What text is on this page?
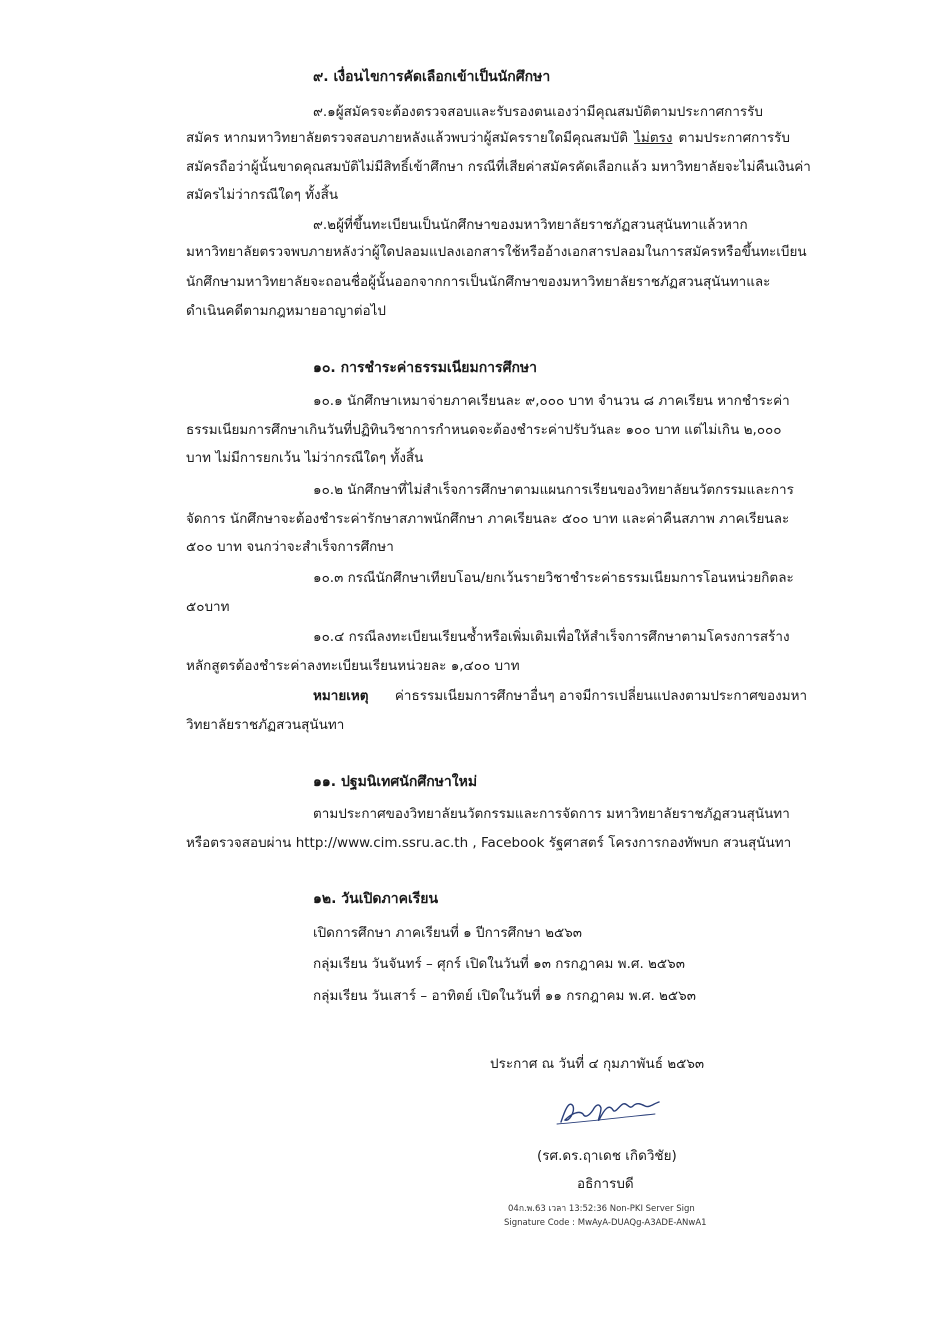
๙. เงื่อนไขการคัดเลือกเข้าเป็นนักศึกษา
๙.๑ผู้สมัครจะต้องตรวจสอบและรับรองตนเองว่ามีคุณสมบัติตามประกาศการรับ
สมัคร หากมหาวิทยาลัยตรวจสอบภายหลังแล้วพบว่าผู้สมัครรายใดมีคุณสมบัติ ไม่ตรง ตามประกาศการรับ
สมัครถือว่าผู้นั้นขาดคุณสมบัติไม่มีสิทธิ์เข้าศึกษา กรณีที่เสียค่าสมัครคัดเลือกแล้ว มหาวิทยาลัยจะไม่คืนเงินค่า
สมัครไม่ว่ากรณีใดๆ ทั้งสิ้น
๙.๒ผู้ที่ขึ้นทะเบียนเป็นนักศึกษาของมหาวิทยาลัยราชภัฏสวนสุนันทาแล้วหาก
มหาวิทยาลัยตรวจพบภายหลังว่าผู้ใดปลอมแปลงเอกสารใช้หรืออ้างเอกสารปลอมในการสมัครหรือขึ้นทะเบียน
นักศึกษามหาวิทยาลัยจะถอนชื่อผู้นั้นออกจากการเป็นนักศึกษาของมหาวิทยาลัยราชภัฏสวนสุนันทาและ
ดำเนินคดีตามกฎหมายอาญาต่อไป
๑๐. การชำระค่าธรรมเนียมการศึกษา
๑๐.๑ นักศึกษาเหมาจ่ายภาคเรียนละ ๙,๐๐๐ บาท จำนวน ๘ ภาคเรียน หากชำระค่า
ธรรมเนียมการศึกษาเกินวันที่ปฏิทินวิชาการกำหนดจะต้องชำระค่าปรับวันละ ๑๐๐ บาท แต่ไม่เกิน ๒,๐๐๐
บาท ไม่มีการยกเว้น ไม่ว่ากรณีใดๆ ทั้งสิ้น
๑๐.๒ นักศึกษาที่ไม่สำเร็จการศึกษาตามแผนการเรียนของวิทยาลัยนวัตกรรมและการ
จัดการ นักศึกษาจะต้องชำระค่ารักษาสภาพนักศึกษา ภาคเรียนละ ๕๐๐ บาท และค่าคืนสภาพ ภาคเรียนละ
๕๐๐ บาท จนกว่าจะสำเร็จการศึกษา
๑๐.๓ กรณีนักศึกษาเทียบโอน/ยกเว้นรายวิชาชำระค่าธรรมเนียมการโอนหน่วยกิตละ
๕๐บาท
๑๐.๔ กรณีลงทะเบียนเรียนซ้ำหรือเพิ่มเติมเพื่อให้สำเร็จการศึกษาตามโครงการสร้าง
หลักสูตรต้องชำระค่าลงทะเบียนเรียนหน่วยละ ๑,๔๐๐ บาท
หมายเหตุ ค่าธรรมเนียมการศึกษาอื่นๆ อาจมีการเปลี่ยนแปลงตามประกาศของมหา
วิทยาลัยราชภัฏสวนสุนันทา
๑๑. ปฐมนิเทศนักศึกษาใหม่
ตามประกาศของวิทยาลัยนวัตกรรมและการจัดการ มหาวิทยาลัยราชภัฏสวนสุนันทา
หรือตรวจสอบผ่าน http://www.cim.ssru.ac.th , Facebook รัฐศาสตร์ โครงการกองทัพบก สวนสุนันทา
๑๒. วันเปิดภาคเรียน
เปิดการศึกษา ภาคเรียนที่ ๑ ปีการศึกษา ๒๕๖๓
กลุ่มเรียน วันจันทร์ – ศุกร์ เปิดในวันที่ ๑๓ กรกฎาคม พ.ศ. ๒๕๖๓
กลุ่มเรียน วันเสาร์ – อาทิตย์ เปิดในวันที่ ๑๑ กรกฎาคม พ.ศ. ๒๕๖๓
ประกาศ ณ วันที่ ๔ กุมภาพันธ์ ๒๕๖๓
(รศ.ดร.ฤาเดช เกิดวิชัย)
อธิการบดี
04ก.พ.63 เวลา 13:52:36 Non-PKI Server Sign
Signature Code : MwAyA-DUAQg-A3ADE-ANwA1
